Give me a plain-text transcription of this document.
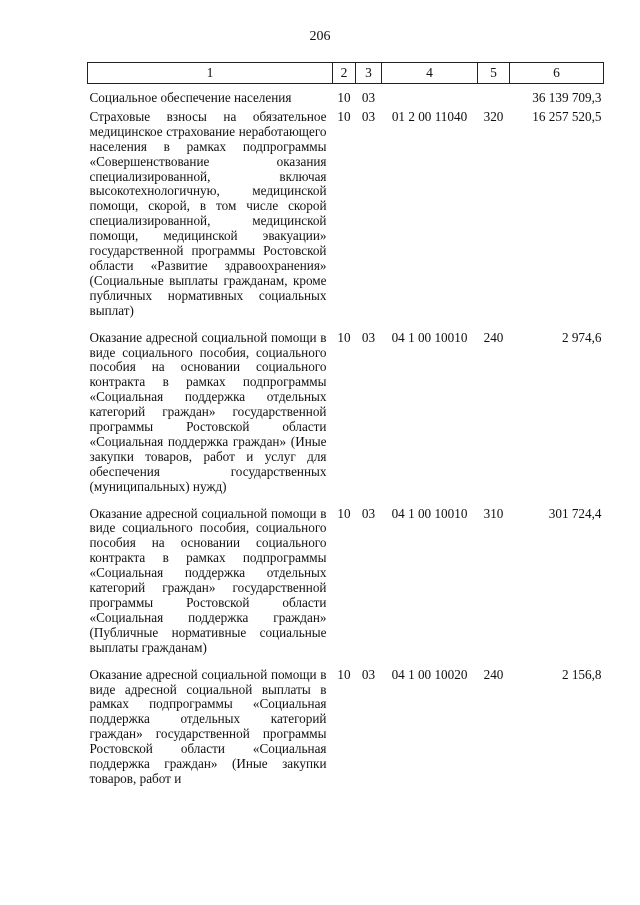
206
1	2	3	4	5	6
Социальное обеспечение населения	10	03			36 139 709,3
Страховые взносы на обязательное медицинское страхование неработающего населения в рамках подпрограммы «Совершенствование оказания специализированной, включая высокотехнологичную, медицинской помощи, скорой, в том числе скорой специализированной, медицинской помощи, медицинской эвакуации» государственной программы Ростовской области «Развитие здравоохранения» (Социальные выплаты гражданам, кроме публичных нормативных социальных выплат)	10	03	01 2 00 11040	320	16 257 520,5
Оказание адресной социальной помощи в виде социального пособия, социального пособия на основании социального контракта в рамках подпрограммы «Социальная поддержка отдельных категорий граждан» государственной программы Ростовской области «Социальная поддержка граждан» (Иные закупки товаров, работ и услуг для обеспечения государственных (муниципальных) нужд)	10	03	04 1 00 10010	240	2 974,6
Оказание адресной социальной помощи в виде социального пособия, социального пособия на основании социального контракта в рамках подпрограммы «Социальная поддержка отдельных категорий граждан» государственной программы Ростовской области «Социальная поддержка граждан» (Публичные нормативные социальные выплаты гражданам)	10	03	04 1 00 10010	310	301 724,4
Оказание адресной социальной помощи в виде адресной социальной выплаты в рамках подпрограммы «Социальная поддержка отдельных категорий граждан» государственной программы Ростовской области «Социальная поддержка граждан» (Иные закупки товаров, работ и	10	03	04 1 00 10020	240	2 156,8
